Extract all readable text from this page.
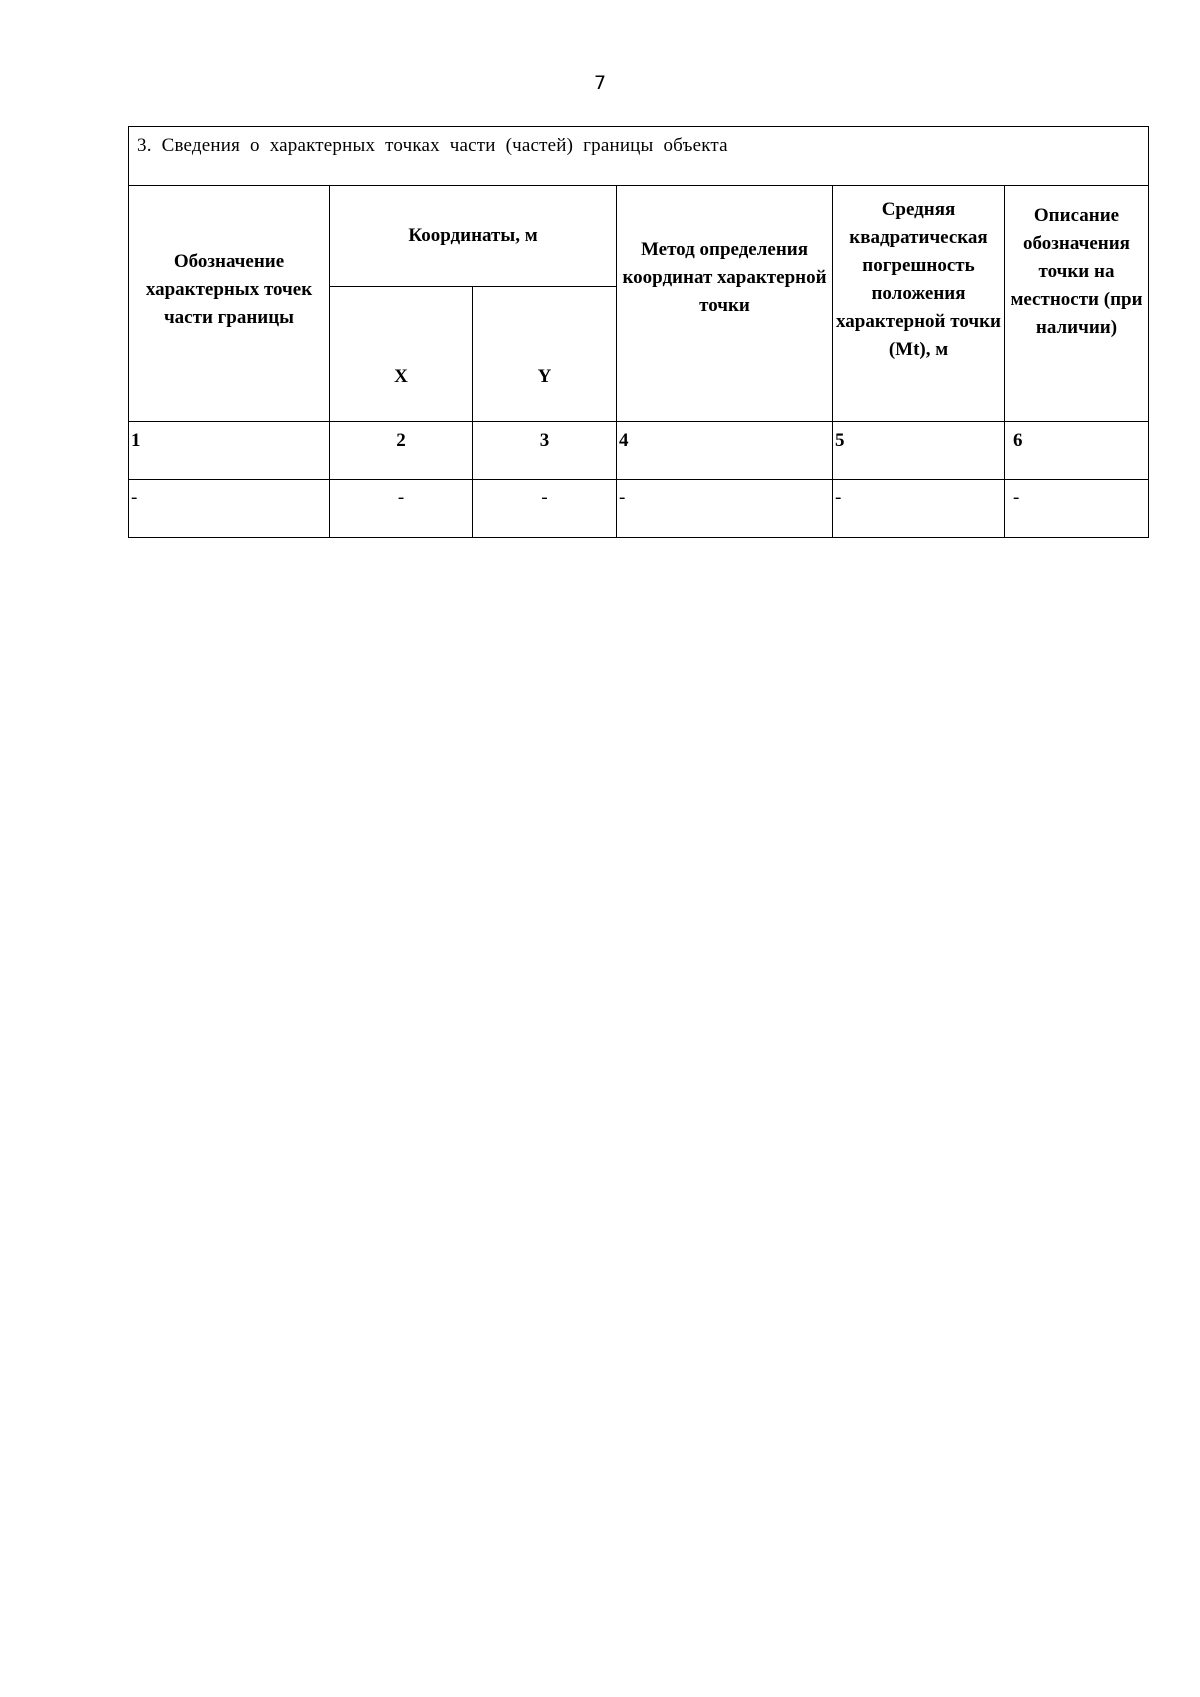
7
3. Сведения о характерных точках части (частей) границы объекта					
Обозначение характерных точек части границы	Координаты, м		Метод определения координат характерной точки	Средняя квадратическая погрешность положения характерной точки (Mt), м	Описание обозначения точки на местности (при наличии)
	X	Y			
1	2	3	4	5	6
-	-	-	-	-	-
